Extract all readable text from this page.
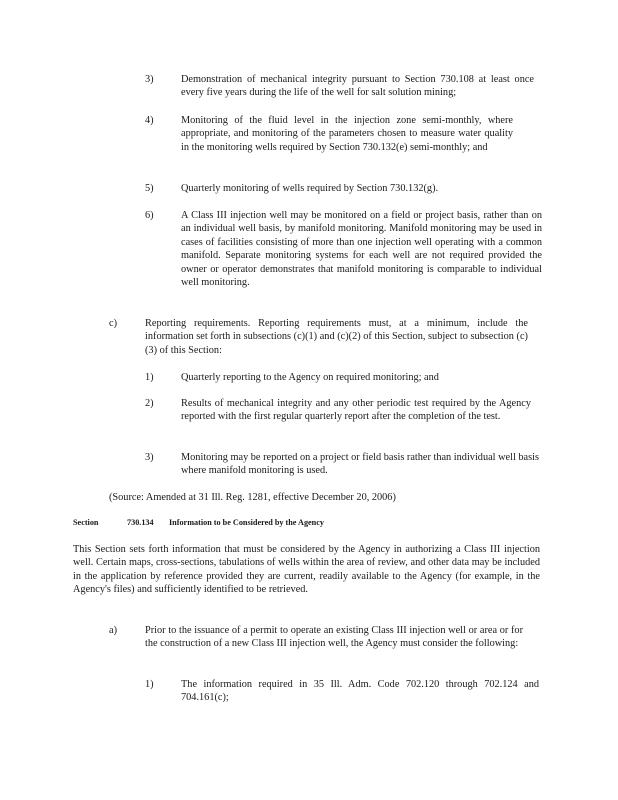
3)	Demonstration of mechanical integrity pursuant to Section 730.108 at least once every five years during the life of the well for salt solution mining;
4)	Monitoring of the fluid level in the injection zone semi-monthly, where appropriate, and monitoring of the parameters chosen to measure water quality in the monitoring wells required by Section 730.132(e) semi-monthly; and
5)	Quarterly monitoring of wells required by Section 730.132(g).
6)	A Class III injection well may be monitored on a field or project basis, rather than on an individual well basis, by manifold monitoring. Manifold monitoring may be used in cases of facilities consisting of more than one injection well operating with a common manifold. Separate monitoring systems for each well are not required provided the owner or operator demonstrates that manifold monitoring is comparable to individual well monitoring.
c)	Reporting requirements. Reporting requirements must, at a minimum, include the information set forth in subsections (c)(1) and (c)(2) of this Section, subject to subsection (c)(3) of this Section:
1)	Quarterly reporting to the Agency on required monitoring; and
2)	Results of mechanical integrity and any other periodic test required by the Agency reported with the first regular quarterly report after the completion of the test.
3)	Monitoring may be reported on a project or field basis rather than individual well basis where manifold monitoring is used.
(Source: Amended at 31 Ill. Reg. 1281, effective December 20, 2006)
Section	730.134 Information to be Considered by the Agency
This Section sets forth information that must be considered by the Agency in authorizing a Class III injection well. Certain maps, cross-sections, tabulations of wells within the area of review, and other data may be included in the application by reference provided they are current, readily available to the Agency (for example, in the Agency's files) and sufficiently identified to be retrieved.
a)	Prior to the issuance of a permit to operate an existing Class III injection well or area or for the construction of a new Class III injection well, the Agency must consider the following:
1)	The information required in 35 Ill. Adm. Code 702.120 through 702.124 and 704.161(c);
